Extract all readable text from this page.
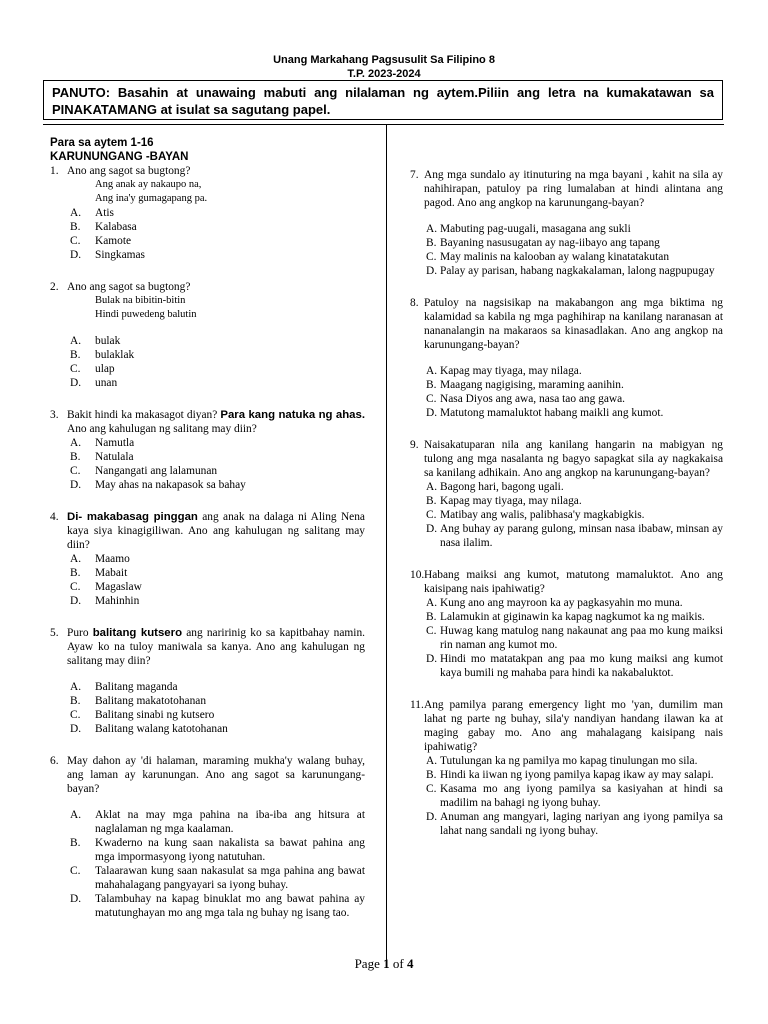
Unang Markahang Pagsusulit Sa Filipino 8
T.P. 2023-2024
PANUTO: Basahin at unawaing mabuti ang nilalaman ng aytem.Piliin ang letra na kumakatawan sa PINAKATAMANG at isulat sa sagutang papel.
Para sa aytem 1-16
KARUNUNGANG -BAYAN
1. Ano ang sagot sa bugtong?
Ang anak ay nakaupo na,
Ang ina'y gumagapang pa.
A. Atis
B. Kalabasa
C. Kamote
D. Singkamas
2. Ano ang sagot sa bugtong?
Bulak na bibitin-bitin
Hindi puwedeng balutin
A. bulak
B. bulaklak
C. ulap
D. unan
3. Bakit hindi ka makasagot diyan? Para kang natuka ng ahas. Ano ang kahulugan ng salitang may diin?
A. Namutla
B. Natulala
C. Nangangati ang lalamunan
D. May ahas na nakapasok sa bahay
4. Di- makabasag pinggan ang anak na dalaga ni Aling Nena kaya siya kinagigiliwan. Ano ang kahulugan ng salitang may diin?
A. Maamo
B. Mabait
C. Magaslaw
D. Mahinhin
5. Puro balitang kutsero ang naririnig ko sa kapitbahay namin. Ayaw ko na tuloy maniwala sa kanya. Ano ang kahulugan ng salitang may diin?
A. Balitang maganda
B. Balitang makatotohanan
C. Balitang sinabi ng kutsero
D. Balitang walang katotohanan
6. May dahon ay 'di halaman, maraming mukha'y walang buhay, ang laman ay karunungan. Ano ang sagot sa karunungang-bayan?
A. Aklat na may mga pahina na iba-iba ang hitsura at naglalaman ng mga kaalaman.
B. Kwaderno na kung saan nakalista sa bawat pahina ang mga impormasyong iyong natutuhan.
C. Talaarawan kung saan nakasulat sa mga pahina ang bawat mahahalagang pangyayari sa iyong buhay.
D. Talambuhay na kapag binuklat mo ang bawat pahina ay matutunghayan mo ang mga tala ng buhay ng isang tao.
7. Ang mga sundalo ay itinuturing na mga bayani , kahit na sila ay nahihirapan, patuloy pa ring lumalaban at hindi alintana ang pagod. Ano ang angkop na karunungang-bayan?
A. Mabuting pag-uugali, masagana ang sukli
B. Bayaning nasusugatan ay nag-iibayo ang tapang
C. May malinis na kalooban ay walang kinatatakutan
D. Palay ay parisan, habang nagkakalaman, lalong nagpupugay
8. Patuloy na nagsisikap na makabangon ang mga biktima ng kalamidad sa kabila ng mga paghihirap na kanilang naranasan at nananalangin na makaraos sa kinasadlakan. Ano ang angkop na karunungang-bayan?
A. Kapag may tiyaga, may nilaga.
B. Maagang nagigising, maraming aanihin.
C. Nasa Diyos ang awa, nasa tao ang gawa.
D. Matutong mamaluktot habang maikli ang kumot.
9. Naisakatuparan nila ang kanilang hangarin na mabigyan ng tulong ang mga nasalanta ng bagyo sapagkat sila ay nagkakaisa sa kanilang adhikain. Ano ang angkop na karunungang-bayan?
A. Bagong hari, bagong ugali.
B. Kapag may tiyaga, may nilaga.
C. Matibay ang walis, palibhasa'y magkabigkis.
D. Ang buhay ay parang gulong, minsan nasa ibabaw, minsan ay nasa ilalim.
10. Habang maiksi ang kumot, matutong mamaluktot. Ano ang kaisipang nais ipahiwatig?
A. Kung ano ang mayroon ka ay pagkasyahin mo muna.
B. Lalamukin at giginawin ka kapag nagkumot ka ng maikis.
C. Huwag kang matulog nang nakaunat ang paa mo kung maiksi rin naman ang kumot mo.
D. Hindi mo matatakpan ang paa mo kung maiksi ang kumot kaya bumili ng mahaba para hindi ka nakabaluktot.
11. Ang pamilya parang emergency light mo 'yan, dumilim man lahat ng parte ng buhay, sila'y nandiyan handang ilawan ka at maging gabay mo. Ano ang mahalagang kaisipang nais ipahiwatig?
A. Tutulungan ka ng pamilya mo kapag tinulungan mo sila.
B. Hindi ka iiwan ng iyong pamilya kapag ikaw ay may salapi.
C. Kasama mo ang iyong pamilya sa kasiyahan at hindi sa madilim na bahagi ng iyong buhay.
D. Anuman ang mangyari, laging nariyan ang iyong pamilya sa lahat nang sandali ng iyong buhay.
Page 1 of 4
